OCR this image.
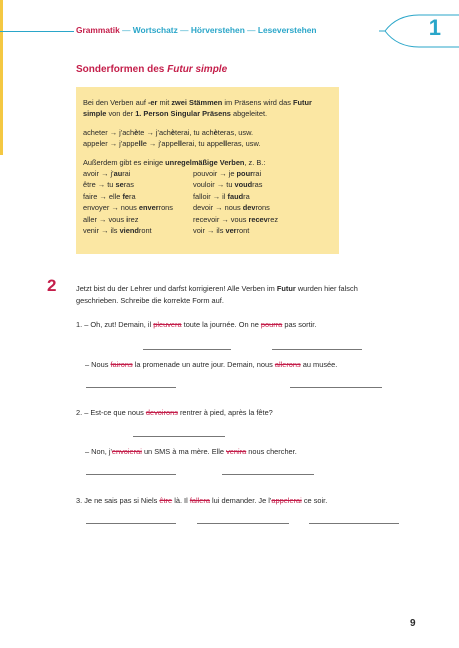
Grammatik — Wortschatz — Hörverstehen — Leseverstehen	1
Sonderformen des Futur simple

Bei den Verben auf -er mit zwei Stämmen im Präsens wird das Futur simple von der 1. Person Singular Präsens abgeleitet.

acheter → j'achète → j'achèterai, tu achèteras, usw.

appeler → j'appelle → j'appellerai, tu appelleras, usw.

Außerdem gibt es einige unregelmäßige Verben, z. B.:

avoir → j'aurai	pouvoir → je pourrai
être → tu seras	vouloir → tu voudras
faire → elle fera	falloir → il faudra
envoyer → nous enverrons	devoir → nous devrons
aller → vous irez	recevoir → vous recevrez
venir → ils viendront	voir → ils verront
2	Jetzt bist du der Lehrer und darfst korrigieren! Alle Verben im Futur wurden hier falsch geschrieben. Schreibe die korrekte Form auf.
1. – Oh, zut! Demain, il pleuvera toute la journée. On ne pourra pas sortir.
– Nous fairons la promenade un autre jour. Demain, nous allerons au musée.
2. – Est-ce que nous devoirons rentrer à pied, après la fête?
– Non, j'envoierai un SMS à ma mère. Elle venira nous chercher.
3. Je ne sais pas si Niels être là. Il fallera lui demander. Je l'appelerai ce soir.
9
